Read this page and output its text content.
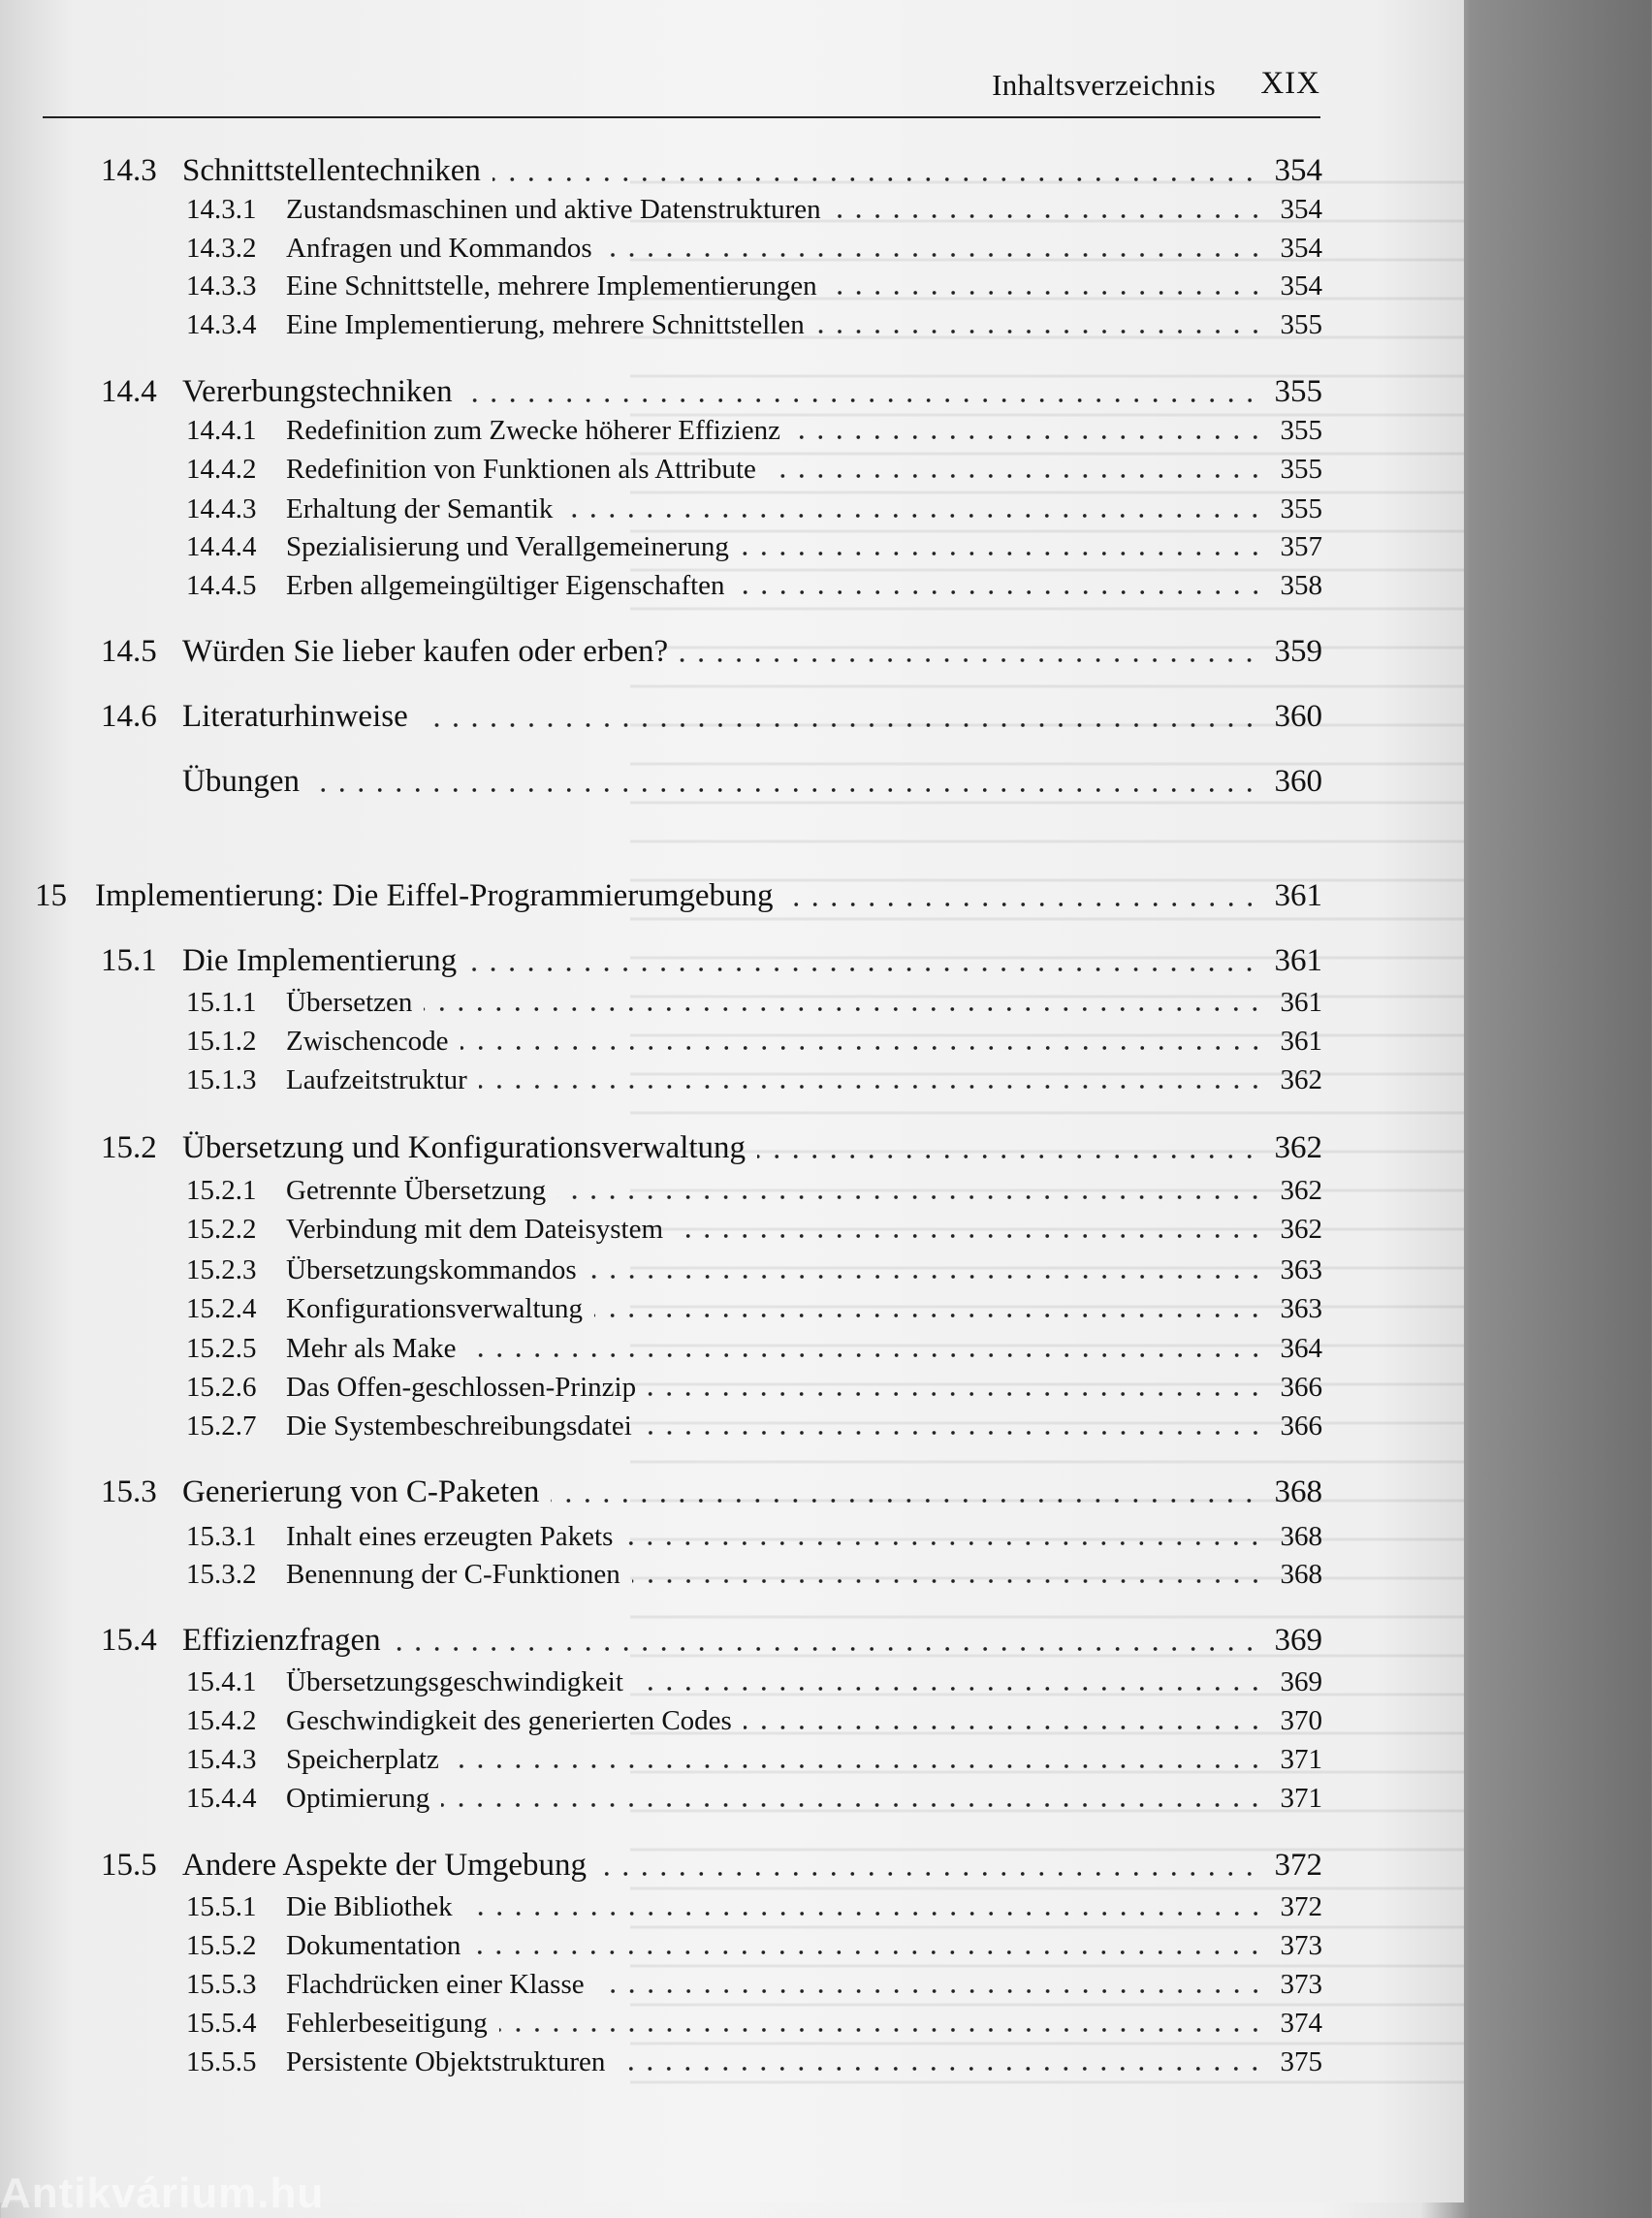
Inhaltsverzeichnis XIX
14.3 Schnittstellentechniken	354
14.3.1	Zustandsmaschinen und aktive Datenstrukturen	354
14.3.2	Anfragen und Kommandos	354
14.3.3	Eine Schnittstelle, mehrere Implementierungen	354
14.3.4	Eine Implementierung, mehrere Schnittstellen	355
14.4 Vererbungstechniken	355
14.4.1	Redefinition zum Zwecke höherer Effizienz	355
14.4.2	Redefinition von Funktionen als Attribute	355
14.4.3	Erhaltung der Semantik	355
14.4.4	Spezialisierung und Verallgemeinerung	357
14.4.5	Erben allgemeingültiger Eigenschaften	358
14.5 Würden Sie lieber kaufen oder erben?	359
14.6 Literaturhinweise	360
Übungen	360
15 Implementierung: Die Eiffel-Programmierumgebung	361
15.1 Die Implementierung	361
15.1.1	Übersetzen	361
15.1.2	Zwischencode	361
15.1.3	Laufzeitstruktur	362
15.2 Übersetzung und Konfigurationsverwaltung	362
15.2.1	Getrennte Übersetzung	362
15.2.2	Verbindung mit dem Dateisystem	362
15.2.3	Übersetzungskommandos	363
15.2.4	Konfigurationsverwaltung	363
15.2.5	Mehr als Make	364
15.2.6	Das Offen-geschlossen-Prinzip	366
15.2.7	Die Systembeschreibungsdatei	366
15.3 Generierung von C-Paketen	368
15.3.1	Inhalt eines erzeugten Pakets	368
15.3.2	Benennung der C-Funktionen	368
15.4 Effizienzfragen	369
15.4.1	Übersetzungsgeschwindigkeit	369
15.4.2	Geschwindigkeit des generierten Codes	370
15.4.3	Speicherplatz	371
15.4.4	Optimierung	371
15.5 Andere Aspekte der Umgebung	372
15.5.1	Die Bibliothek	372
15.5.2	Dokumentation	373
15.5.3	Flachdrücken einer Klasse	373
15.5.4	Fehlerbeseitigung	374
15.5.5	Persistente Objektstrukturen	375
Antikvárium.hu
